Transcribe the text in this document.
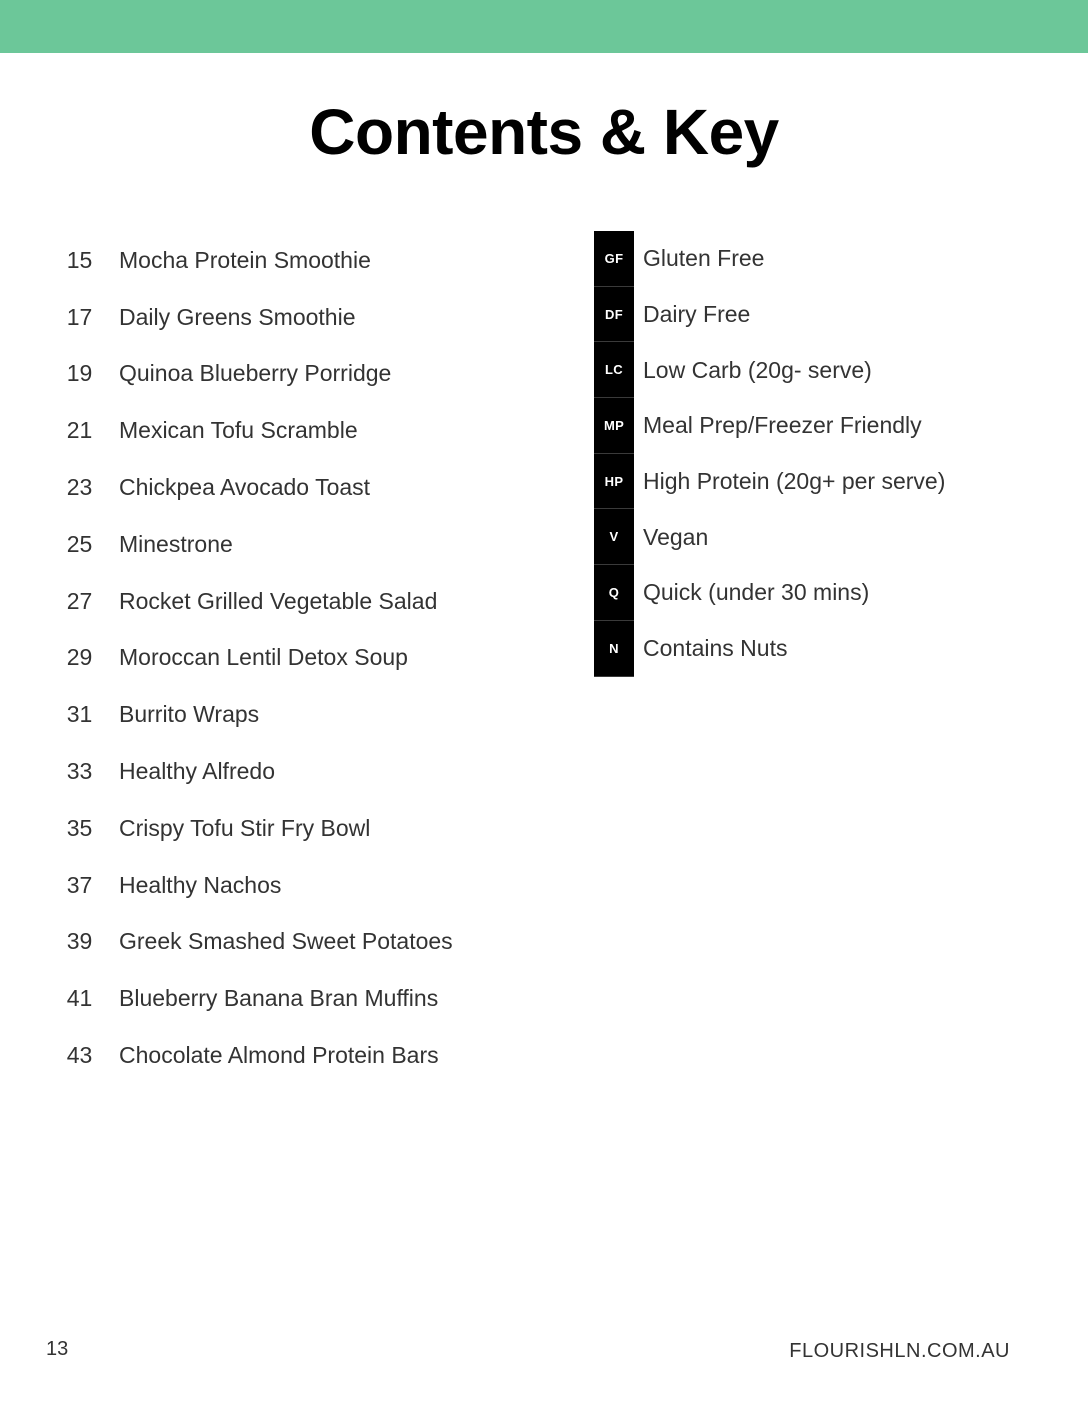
Contents & Key
15	Mocha Protein Smoothie
17	Daily Greens Smoothie
19	Quinoa Blueberry Porridge
21	Mexican Tofu Scramble
23	Chickpea Avocado Toast
25	Minestrone
27	Rocket Grilled Vegetable Salad
29	Moroccan Lentil Detox Soup
31	Burrito Wraps
33	Healthy Alfredo
35	Crispy Tofu Stir Fry Bowl
37	Healthy Nachos
39	Greek Smashed Sweet Potatoes
41	Blueberry Banana Bran Muffins
43	Chocolate Almond Protein Bars
GF Gluten Free
DF Dairy Free
LC Low Carb (20g- serve)
MP Meal Prep/Freezer Friendly
HP High Protein (20g+ per serve)
V	Vegan
Q	Quick (under 30 mins)
N	Contains Nuts
13	FLOURISHLN.COM.AU
